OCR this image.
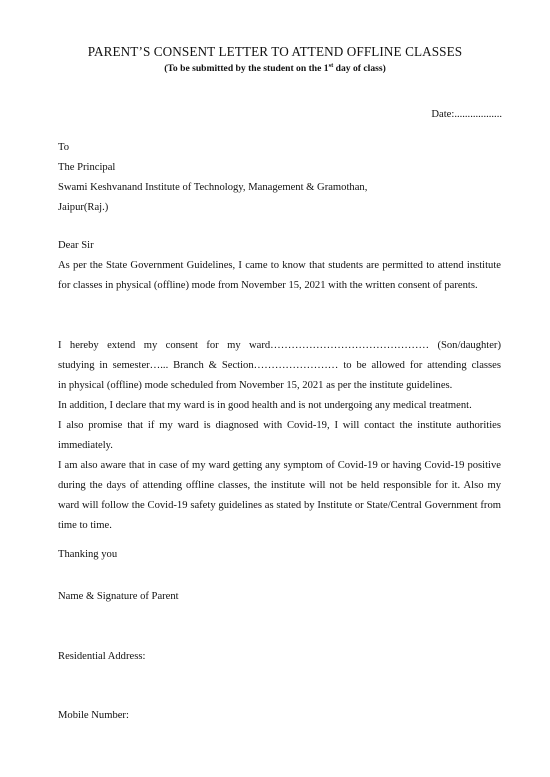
PARENT’S CONSENT LETTER TO ATTEND OFFLINE CLASSES
(To be submitted by the student on the 1st day of class)
Date:..................

To

The Principal

Swami Keshvanand Institute of Technology, Management & Gramothan,

Jaipur(Raj.)

Dear Sir
As per the State Government Guidelines, I came to know that students are permitted to attend institute for classes in physical (offline) mode from November 15, 2021 with the written consent of parents.
I hereby extend my consent for my ward……………………………………… (Son/daughter)
studying in semester…... Branch & Section…………………… to be allowed for attending classes

in physical (offline) mode scheduled from November 15, 2021 as per the institute guidelines.

In addition, I declare that my ward is in good health and is not undergoing any medical treatment.

I also promise that if my ward is diagnosed with Covid-19, I will contact the institute authorities immediately.

I am also aware that in case of my ward getting any symptom of Covid-19 or having Covid-19 positive during the days of attending offline classes, the institute will not be held responsible for it. Also my ward will follow the Covid-19 safety guidelines as stated by Institute or State/Central Government from time to time.

Thanking you
Name & Signature of Parent
Residential Address:
Mobile Number:
